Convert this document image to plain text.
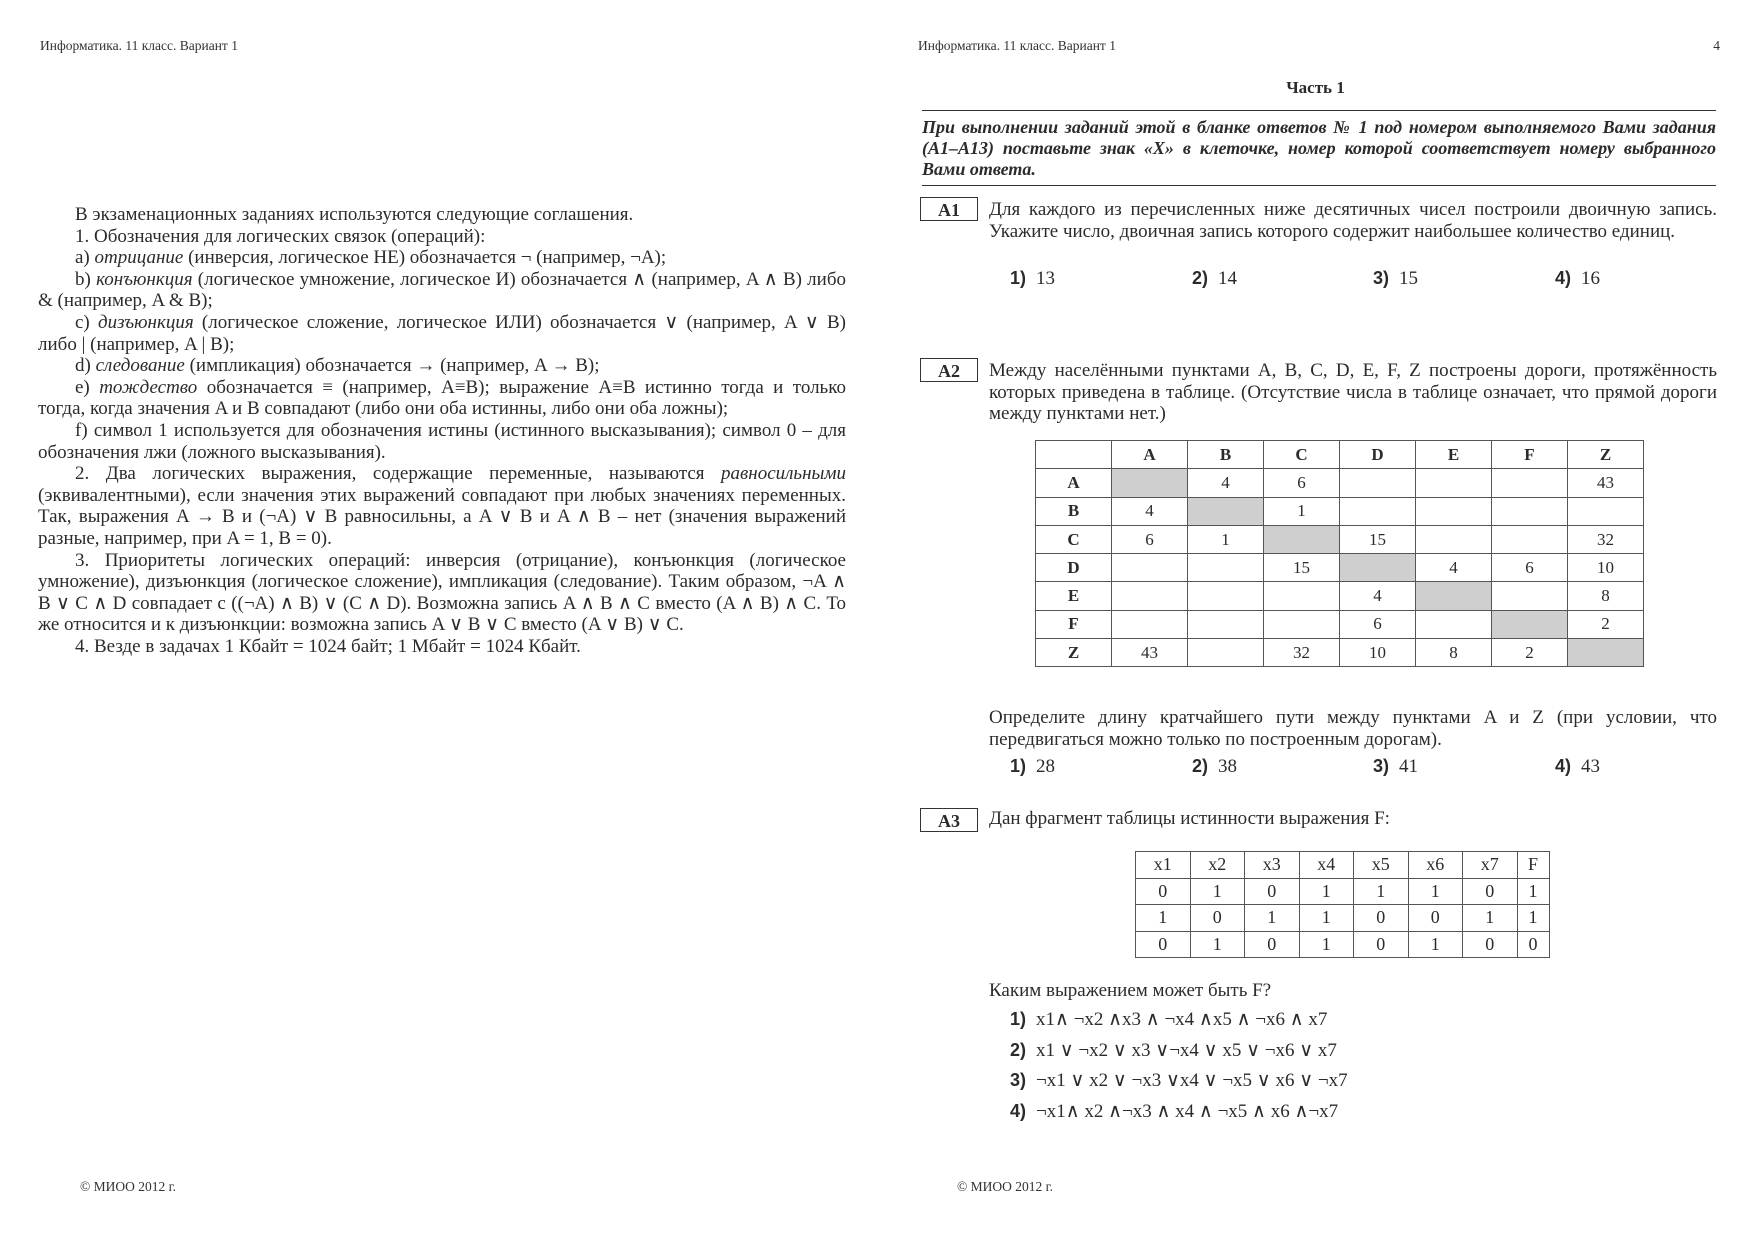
Информатика. 11 класс. Вариант 1

В экзаменационных заданиях используются следующие соглашения.

1. Обозначения для логических связок (операций):

a) отрицание (инверсия, логическое НЕ) обозначается ¬ (например, ¬A);

b) конъюнкция (логическое умножение, логическое И) обозначается ∧ (например, A ∧ B) либо & (например, A & B);

c) дизъюнкция (логическое сложение, логическое ИЛИ) обозначается ∨ (например, A ∨ B) либо | (например, A | B);

d) следование (импликация) обозначается → (например, A → B);

e) тождество обозначается ≡ (например, A≡B); выражение A≡B истинно тогда и только тогда, когда значения A и B совпадают (либо они оба истинны, либо они оба ложны);

f) символ 1 используется для обозначения истины (истинного высказывания); символ 0 – для обозначения лжи (ложного высказывания).

2. Два логических выражения, содержащие переменные, называются равносильными (эквивалентными), если значения этих выражений совпадают при любых значениях переменных. Так, выражения A → B и (¬A) ∨ B равносильны, а A ∨ B и A ∧ B – нет (значения выражений разные, например, при A = 1, B = 0).

3. Приоритеты логических операций: инверсия (отрицание), конъюнкция (логическое умножение), дизъюнкция (логическое сложение), импликация (следование). Таким образом, ¬A ∧ B ∨ C ∧ D совпадает с ((¬A) ∧ B) ∨ (C ∧ D). Возможна запись A ∧ B ∧ C вместо (A ∧ B) ∧ C. То же относится и к дизъюнкции: возможна запись A ∨ B ∨ C вместо (A ∨ B) ∨ C.

4. Везде в задачах 1 Кбайт = 1024 байт; 1 Мбайт = 1024 Кбайт.

© МИОО 2012 г.
Информатика. 11 класс. Вариант 1	4
Часть 1
При выполнении заданий этой в бланке ответов № 1 под номером выполняемого Вами задания (А1–А13) поставьте знак «Х» в клеточке, номер которой соответствует номеру выбранного Вами ответа.
A1	Для каждого из перечисленных ниже десятичных чисел построили двоичную запись. Укажите число, двоичная запись которого содержит наибольшее количество единиц.
1) 13	2) 14	3) 15	4) 16
A2	Между населёнными пунктами A, B, C, D, E, F, Z построены дороги, протяжённость которых приведена в таблице. (Отсутствие числа в таблице означает, что прямой дороги между пунктами нет.)
	A	B	C	D	E	F	Z
A		4	6				43
B	4		1				
C	6	1		15			32
D			15		4	6	10
E				4			8
F				6			2
Z	43		32	10	8	2	
Определите длину кратчайшего пути между пунктами A и Z (при условии, что передвигаться можно только по построенным дорогам).
1) 28	2) 38	3) 41	4) 43
A3	Дан фрагмент таблицы истинности выражения F:
x1	x2	x3	x4	x5	x6	x7	F
0	1	0	1	1	1	0	1
1	0	1	1	0	0	1	1
0	1	0	1	0	1	0	0
Каким выражением может быть F?
1) x1∧ ¬x2 ∧x3 ∧ ¬x4 ∧x5 ∧ ¬x6 ∧ x7
2) x1 ∨ ¬x2 ∨ x3 ∨¬x4 ∨ x5 ∨ ¬x6 ∨ x7
3) ¬x1 ∨ x2 ∨ ¬x3 ∨x4 ∨ ¬x5 ∨ x6 ∨ ¬x7
4) ¬x1∧ x2 ∧¬x3 ∧ x4 ∧ ¬x5 ∧ x6 ∧¬x7
© МИОО 2012 г.
